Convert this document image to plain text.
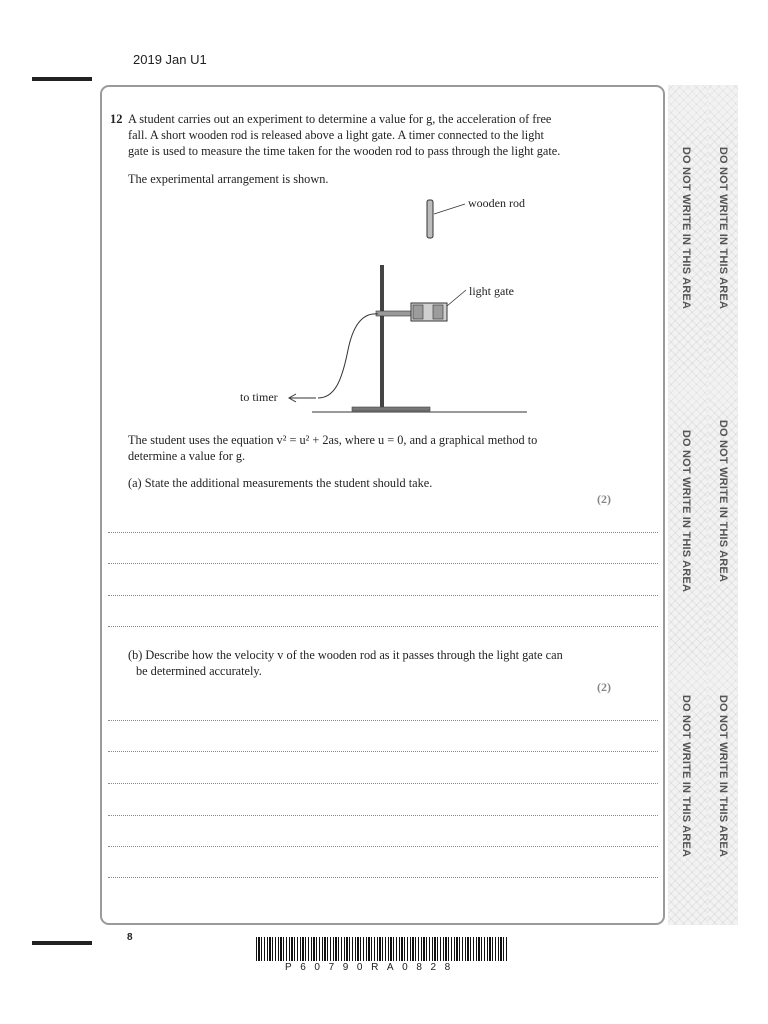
2019 Jan U1
DO NOT WRITE IN THIS AREA DO NOT WRITE IN THIS AREA
DO NOT WRITE IN THIS AREA DO NOT WRITE IN THIS AREA
DO NOT WRITE IN THIS AREA DO NOT WRITE IN THIS AREA
12 A student carries out an experiment to determine a value for g, the acceleration of free
fall. A short wooden rod is released above a light gate. A timer connected to the light
gate is used to measure the time taken for the wooden rod to pass through the light gate.
The experimental arrangement is shown.
wooden rod
light gate
to timer
The student uses the equation v² = u² + 2as, where u = 0, and a graphical method to
determine a value for g.
(a) State the additional measurements the student should take.
(2)
(b) Describe how the velocity v of the wooden rod as it passes through the light gate can
be determined accurately.
(2)
8
P60790RA0828
